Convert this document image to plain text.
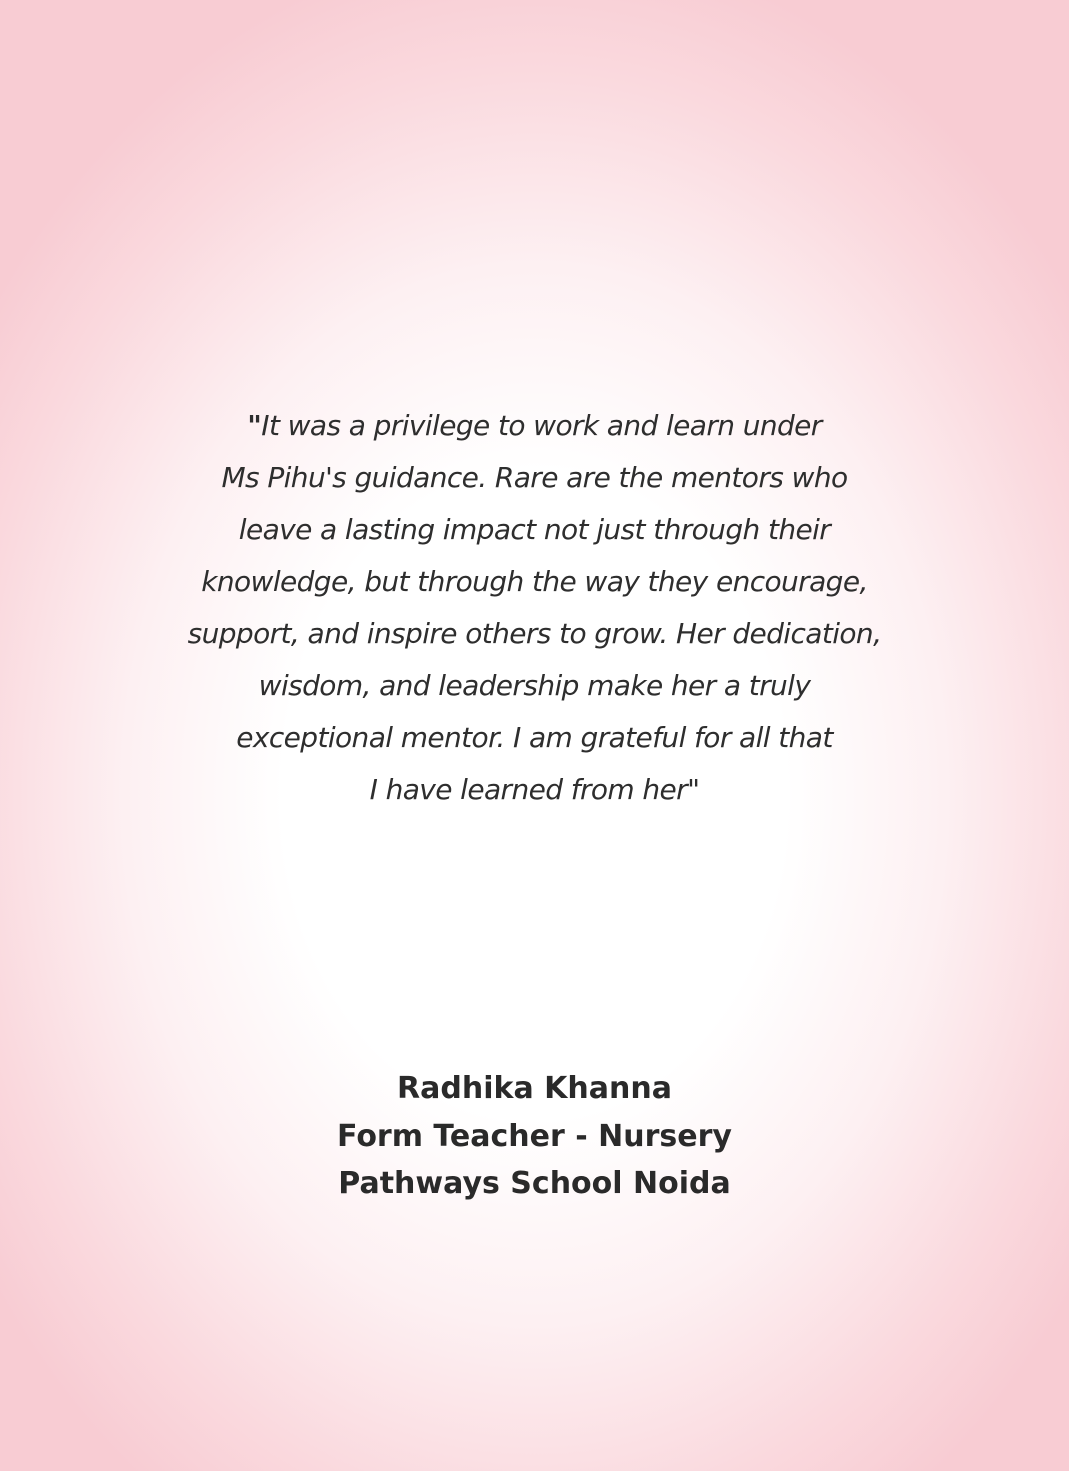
"It was a privilege to work and learn under
Ms Pihu's guidance. Rare are the mentors who
leave a lasting impact not just through their
knowledge, but through the way they encourage,
support, and inspire others to grow. Her dedication,
wisdom, and leadership make her a truly
exceptional mentor. I am grateful for all that
I have learned from her"
Radhika Khanna
Form Teacher - Nursery
Pathways School Noida
